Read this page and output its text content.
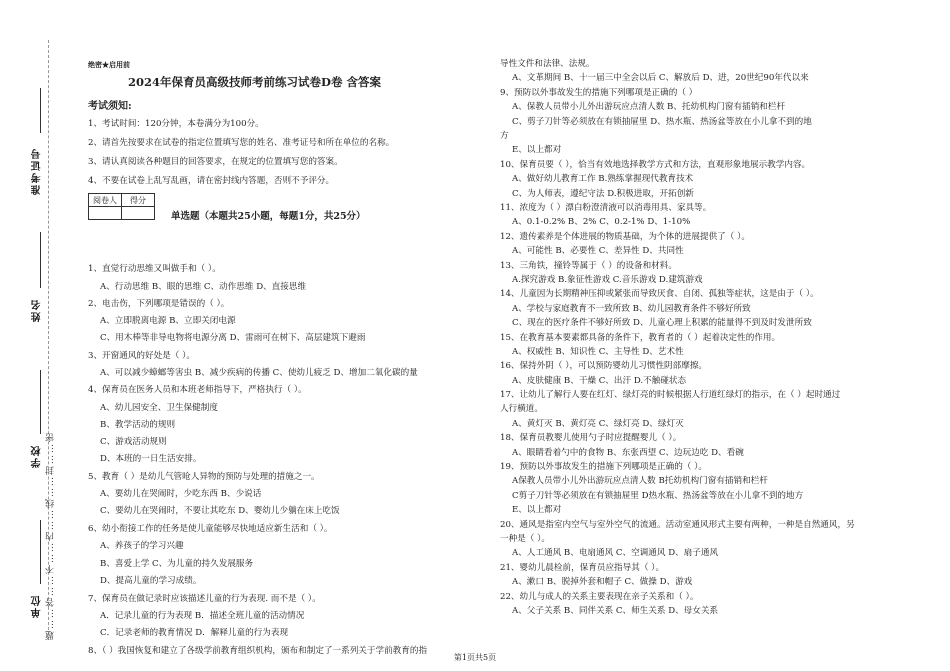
题……答……不……内……线……封……密
准考证号
姓名
学校
单位
绝密★启用前
2024年保育员高级技师考前练习试卷D卷 含答案
考试须知:
1、考试时间：120分钟，本卷满分为100分。
2、请首先按要求在试卷的指定位置填写您的姓名、准考证号和所在单位的名称。
3、请认真阅读各种题目的回答要求，在规定的位置填写您的答案。
4、不要在试卷上乱写乱画，请在密封线内答题，否则不予评分。
阅卷人	得分

单选题（本题共25小题，每题1分，共25分）
1、直觉行动思维又叫做手和（ ）。
A、行动思维 B、眼的思维 C、动作思维 D、直接思维
2、电击伤，下列哪项是错误的（ ）。
A、立即脱离电源 B、立即关闭电源
C、用木棒等非导电物将电源分离 D、雷雨可在树下、高层建筑下避雨
3、开窗通风的好处是（ ）。
A、可以减少蟑螂等害虫 B、减少疾病的传播 C、使幼儿疲乏 D、增加二氧化碳的量
4、保育员在医务人员和本班老师指导下，严格执行（ ）。
A、幼儿园安全、卫生保健制度
B、教学活动的规则
C、游戏活动规则
D、本班的一日生活安排。
5、教育（ ）是幼儿气管呛人异物的预防与处理的措施之一。
A、要幼儿在哭闹时，少吃东西 B、少说话
C、要幼儿在哭闹时，不要让其吃东 D、婴幼儿少躺在床上吃饭
6、幼小衔接工作的任务是使儿童能够尽快地适应新生活和（ ）。
A、养孩子的学习兴趣
B、喜爱上学 C、为儿童的持久发展服务
D、提高儿童的学习成绩。
7、保育员在做记录时应该描述儿童的行为表现. 而不是（ ）。
A．记录儿童的行为表现 B．描述全班儿童的活动情况
C．记录老师的教育情况 D．解释儿童的行为表现
8、（ ）我国恢复和建立了各级学前教育组织机构，颁布和制定了一系列关于学前教育的指
导性文件和法律、法规。
A、文革期间 B、十一届三中全会以后 C、解放后 D、进，20世纪90年代以来
9、预防以外事故发生的措施下列哪项是正确的（ ）
A、保教人员带小儿外出游玩应点清人数 B、托幼机构门窗有插销和栏杆
C、剪子刀针等必须放在有锁抽屉里 D、热水瓶、热汤盆等放在小儿拿不到的地
方
E、以上都对
10、保育员要（ ），恰当有效地选择教学方式和方法，直观形象地展示教学内容。
A、做好幼儿教育工作 B.熟练掌握现代教育技术
C、为人师表，遵纪守法 D.积极进取，开拓创新
11、浓度为（ ）漂白粉澄清液可以消毒用具、家具等。
A、0.1-0.2% B、2% C、0.2-1% D、1-10%
12、遗传素养是个体进展的物质基础，为个体的进展提供了（ ）。
A、可能性 B、必要性 C、差异性 D、共同性
13、三角铁，撞铃等属于（ ）的设备和材料。
A.探究游戏 B.象征性游戏 C.音乐游戏 D.建筑游戏
14、儿童因为长期精神压抑或紧张而导致厌食、自闭、孤独等症状，这是由于（ ）。
A、学校与家庭教育不一致所致 B、幼儿园教育条件不够好所致
C、现在的医疗条件不够好所致 D、儿童心理上积累的能量得不到及时发泄所致
15、在教育基本要素都具备的条件下，教育者的（ ）起着决定性的作用。
A、权威性 B、知识性 C、主导性 D、艺术性
16、保持外阴（ ），可以预防婴幼儿习惯性阴部摩擦。
A、皮肤健康 B、干燥 C、出汗 D.不触碰状态
17、让幼儿了解行人要在红灯、绿灯亮的时候根据人行道红绿灯的指示，在（ ）起时通过
人行横道。
A、黄灯灭 B、黄灯亮 C、绿灯亮 D、绿灯灭
18、保育员教婴儿使用勺子时应提醒婴儿（ ）。
A、眼睛看着勺中的食物 B、东张西望 C、边玩边吃 D、看碗
19、预防以外事故发生的措施下列哪项是正确的（ ）。
A保教人员带小儿外出游玩应点清人数 B托幼机构门窗有插销和栏杆
C剪子刀针等必须放在有锁抽屉里 D热水瓶、热汤盆等放在小儿拿不到的地方
E、以上都对
20、通风是指室内空气与室外空气的流通。活动室通风形式主要有两种，一种是自然通风，另
一种是（ ）。
A、人工通风 B、电扇通风 C、空调通风 D、扇子通风
21、婴幼儿晨检前，保育员应指导其（ ）。
A、漱口 B、脱掉外套和帽子 C、做操 D、游戏
22、幼儿与成人的关系主要表现在亲子关系和（ ）。
A、父子关系 B、同伴关系 C、师生关系 D、母女关系
第1页共5页
